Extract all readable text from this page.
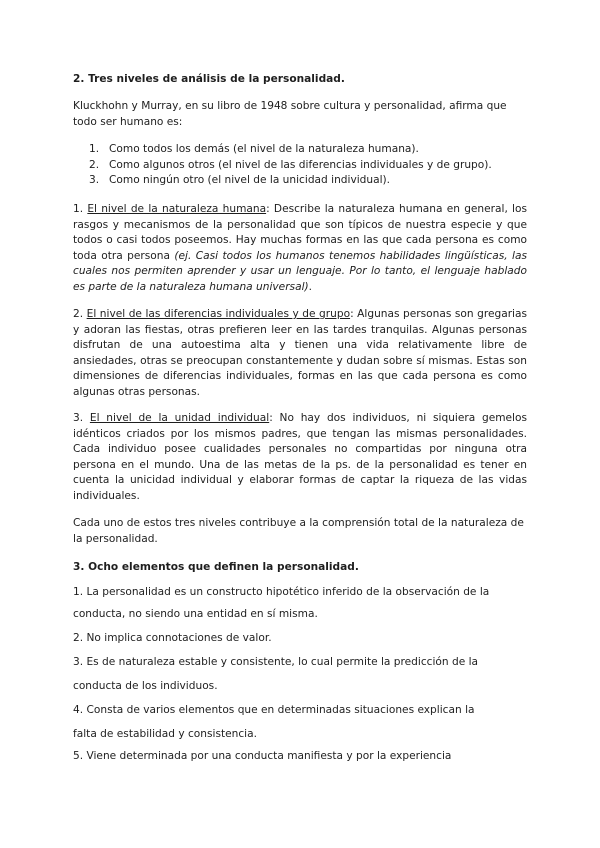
2. Tres niveles de análisis de la personalidad.

Kluckhohn y Murray, en su libro de 1948 sobre cultura y personalidad, afirma que todo ser humano es:

1. Como todos los demás (el nivel de la naturaleza humana).
2. Como algunos otros (el nivel de las diferencias individuales y de grupo).
3. Como ningún otro (el nivel de la unicidad individual).

1. El nivel de la naturaleza humana: Describe la naturaleza humana en general, los rasgos y mecanismos de la personalidad que son típicos de nuestra especie y que todos o casi todos poseemos. Hay muchas formas en las que cada persona es como toda otra persona (ej. Casi todos los humanos tenemos habilidades lingüísticas, las cuales nos permiten aprender y usar un lenguaje. Por lo tanto, el lenguaje hablado es parte de la naturaleza humana universal).

2. El nivel de las diferencias individuales y de grupo: Algunas personas son gregarias y adoran las fiestas, otras prefieren leer en las tardes tranquilas. Algunas personas disfrutan de una autoestima alta y tienen una vida relativamente libre de ansiedades, otras se preocupan constantemente y dudan sobre sí mismas. Estas son dimensiones de diferencias individuales, formas en las que cada persona es como algunas otras personas.

3. El nivel de la unidad individual: No hay dos individuos, ni siquiera gemelos idénticos criados por los mismos padres, que tengan las mismas personalidades. Cada individuo posee cualidades personales no compartidas por ninguna otra persona en el mundo. Una de las metas de la ps. de la personalidad es tener en cuenta la unicidad individual y elaborar formas de captar la riqueza de las vidas individuales.

Cada uno de estos tres niveles contribuye a la comprensión total de la naturaleza de la personalidad.

3. Ocho elementos que definen la personalidad.

1. La personalidad es un constructo hipotético inferido de la observación de la

conducta, no siendo una entidad en sí misma.

2. No implica connotaciones de valor.

3. Es de naturaleza estable y consistente, lo cual permite la predicción de la

conducta de los individuos.

4. Consta de varios elementos que en determinadas situaciones explican la

falta de estabilidad y consistencia.

5. Viene determinada por una conducta manifiesta y por la experiencia
